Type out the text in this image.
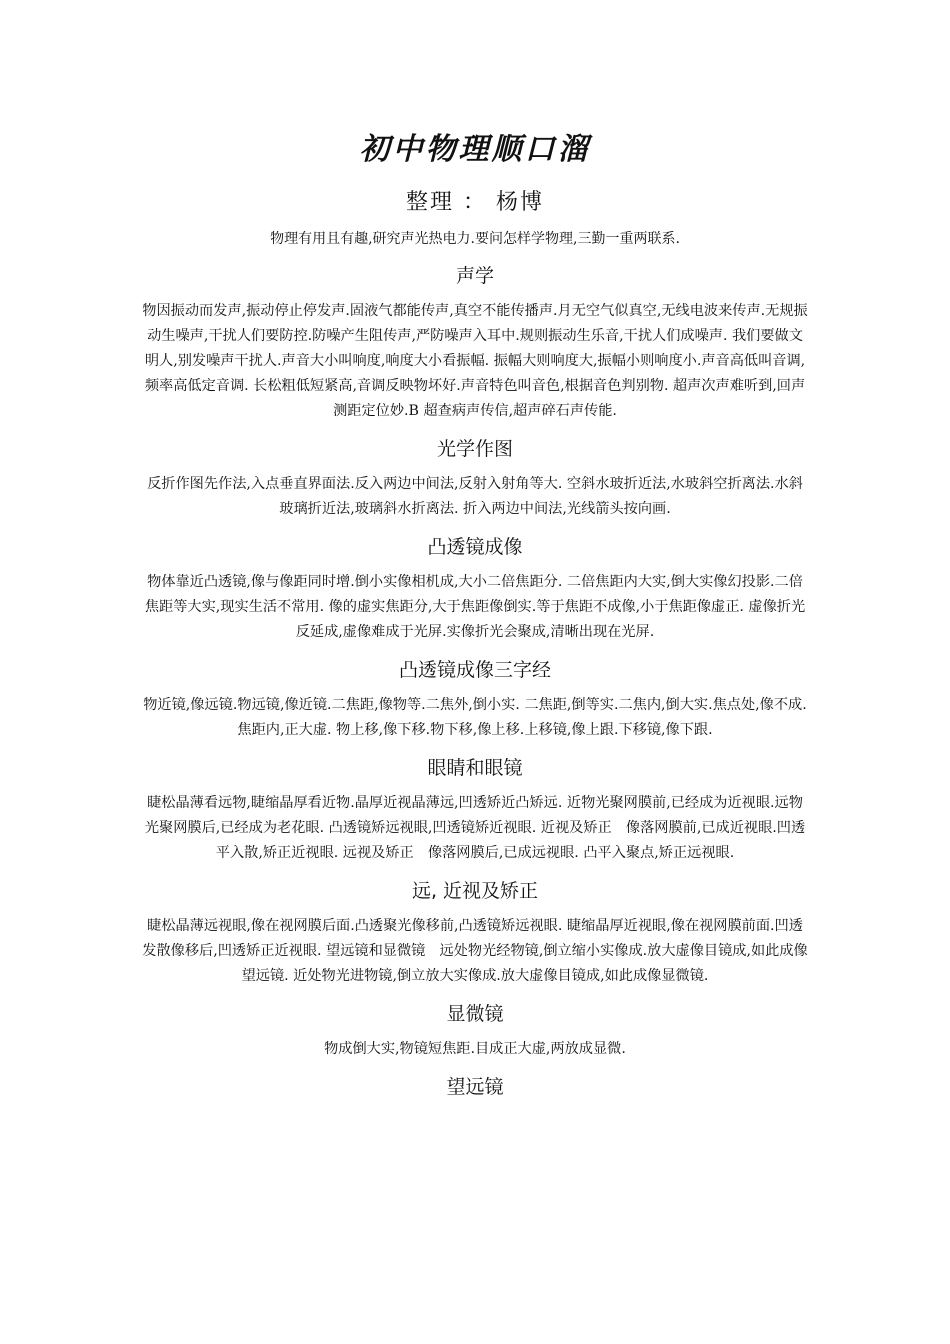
初中物理顺口溜
整理 ： 杨博
物理有用且有趣,研究声光热电力.要问怎样学物理,三勤一重两联系.
声学
物因振动而发声,振动停止停发声.固液气都能传声,真空不能传播声.月无空气似真空,无线电波来传声.无规振动生噪声,干扰人们要防控.防噪产生阻传声,严防噪声入耳中.规则振动生乐音,干扰人们成噪声. 我们要做文明人,别发噪声干扰人.声音大小叫响度,响度大小看振幅. 振幅大则响度大,振幅小则响度小.声音高低叫音调,频率高低定音调. 长松粗低短紧高,音调反映物坏好.声音特色叫音色,根据音色判别物. 超声次声难听到,回声测距定位妙.B 超查病声传信,超声碎石声传能.
光学作图
反折作图先作法,入点垂直界面法.反入两边中间法,反射入射角等大. 空斜水玻折近法,水玻斜空折离法.水斜玻璃折近法,玻璃斜水折离法. 折入两边中间法,光线箭头按向画.
凸透镜成像
物体靠近凸透镜,像与像距同时增.倒小实像相机成,大小二倍焦距分. 二倍焦距内大实,倒大实像幻投影.二倍焦距等大实,现实生活不常用. 像的虚实焦距分,大于焦距像倒实.等于焦距不成像,小于焦距像虚正. 虚像折光反延成,虚像难成于光屏.实像折光会聚成,清晰出现在光屏.
凸透镜成像三字经
物近镜,像远镜.物远镜,像近镜.二焦距,像物等.二焦外,倒小实. 二焦距,倒等实.二焦内,倒大实.焦点处,像不成.焦距内,正大虚. 物上移,像下移.物下移,像上移.上移镜,像上跟.下移镜,像下跟.
眼睛和眼镜
睫松晶薄看远物,睫缩晶厚看近物.晶厚近视晶薄远,凹透矫近凸矫远. 近物光聚网膜前,已经成为近视眼.远物光聚网膜后,已经成为老花眼. 凸透镜矫远视眼,凹透镜矫近视眼. 近视及矫正　像落网膜前,已成近视眼.凹透平入散,矫正近视眼. 远视及矫正　像落网膜后,已成远视眼. 凸平入聚点,矫正远视眼.
远, 近视及矫正
睫松晶薄远视眼,像在视网膜后面.凸透聚光像移前,凸透镜矫远视眼. 睫缩晶厚近视眼,像在视网膜前面.凹透发散像移后,凹透矫正近视眼. 望远镜和显微镜　远处物光经物镜,倒立缩小实像成.放大虚像目镜成,如此成像望远镜. 近处物光进物镜,倒立放大实像成.放大虚像目镜成,如此成像显微镜.
显微镜
物成倒大实,物镜短焦距.目成正大虚,两放成显微.
望远镜
